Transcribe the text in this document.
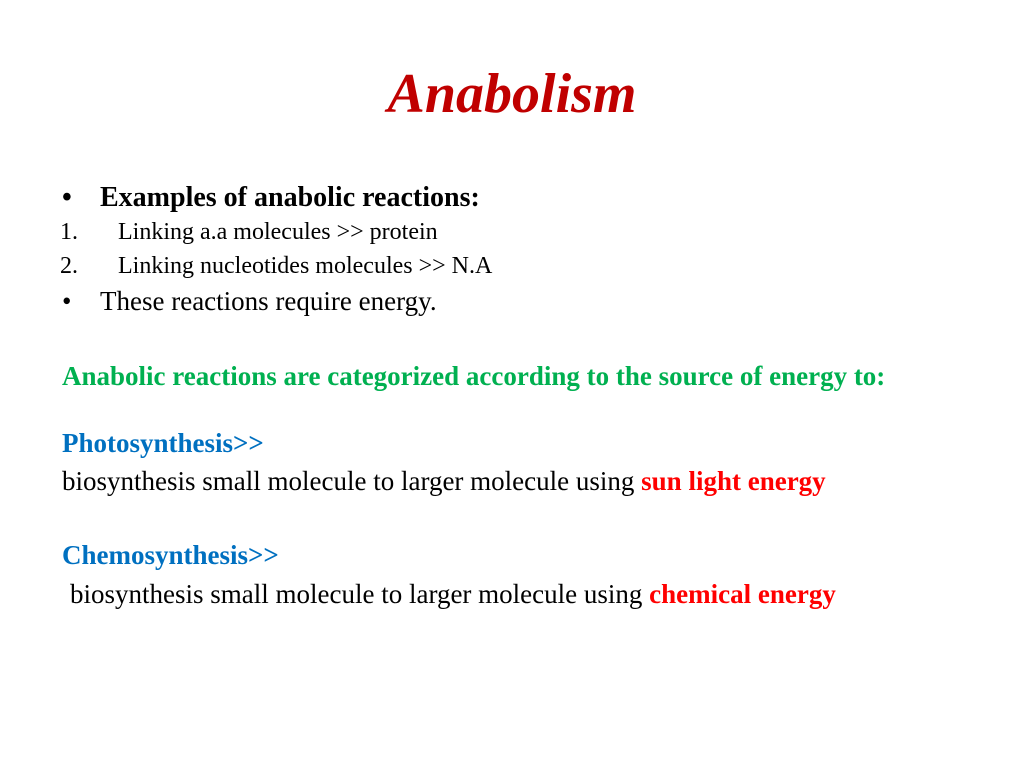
Anabolism
• Examples of anabolic reactions:
1. Linking a.a molecules >> protein
2. Linking nucleotides molecules >> N.A
• These reactions require energy.
Anabolic reactions are categorized according to the source of energy to:
Photosynthesis>>
biosynthesis small molecule to larger molecule using sun light energy
Chemosynthesis>>
biosynthesis small molecule to larger molecule using chemical energy
